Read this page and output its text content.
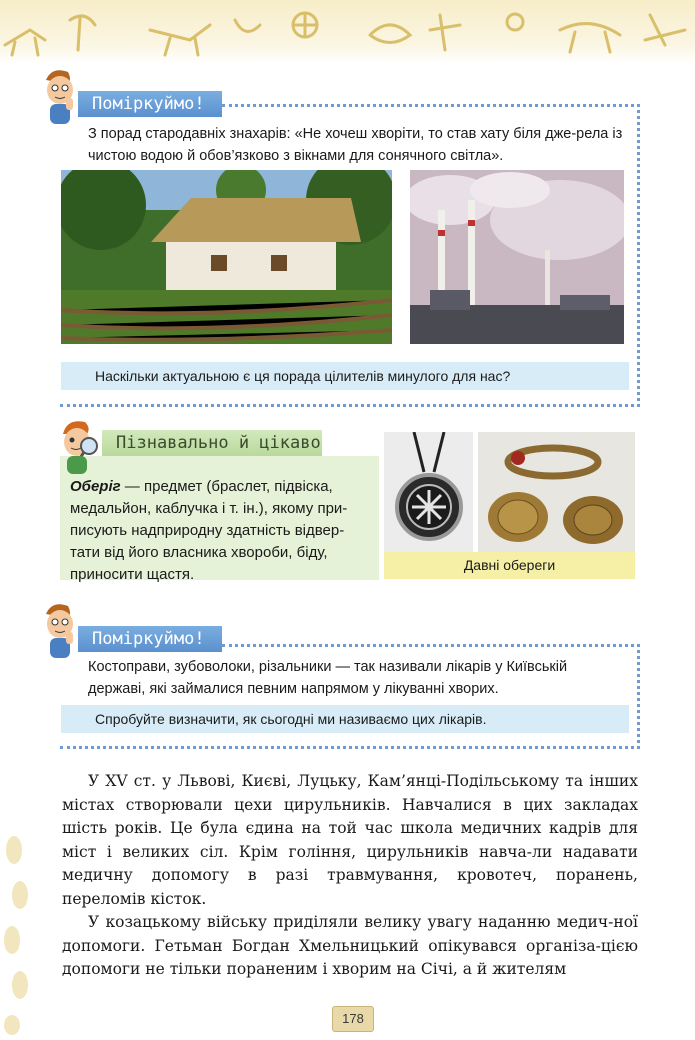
Поміркуймо!
З порад стародавніх знахарів: «Не хочеш хворіти, то став хату біля дже-рела із чистою водою й обов’язково з вікнами для сонячного світла».
Наскільки актуальною є ця порада цілителів минулого для нас?
Пізнавально й цікаво
Оберіг — предмет (браслет, підвіска, медальйон, каблучка і т. ін.), якому при-писують надприродну здатність відвер-тати від його власника хвороби, біду, приносити щастя.
Давні обереги
Поміркуймо!
Костоправи, зубоволоки, різальники — так називали лікарів у Київській державі, які займалися певним напрямом у лікуванні хворих.
Спробуйте визначити, як сьогодні ми називаємо цих лікарів.

У XV ст. у Львові, Києві, Луцьку, Кам’янці-Подільському та інших містах створювали цехи цирульників. Навчалися в цих закладах шість років. Це була єдина на той час школа медичних кадрів для міст і великих сіл. Крім гоління, цирульників навча-ли надавати медичну допомогу в разі травмування, кровотеч, поранень, переломів кісток.

У козацькому війську приділяли велику увагу наданню медич-ної допомоги. Гетьман Богдан Хмельницький опікувався організа-цією допомоги не тільки пораненим і хворим на Січі, а й жителям

178
